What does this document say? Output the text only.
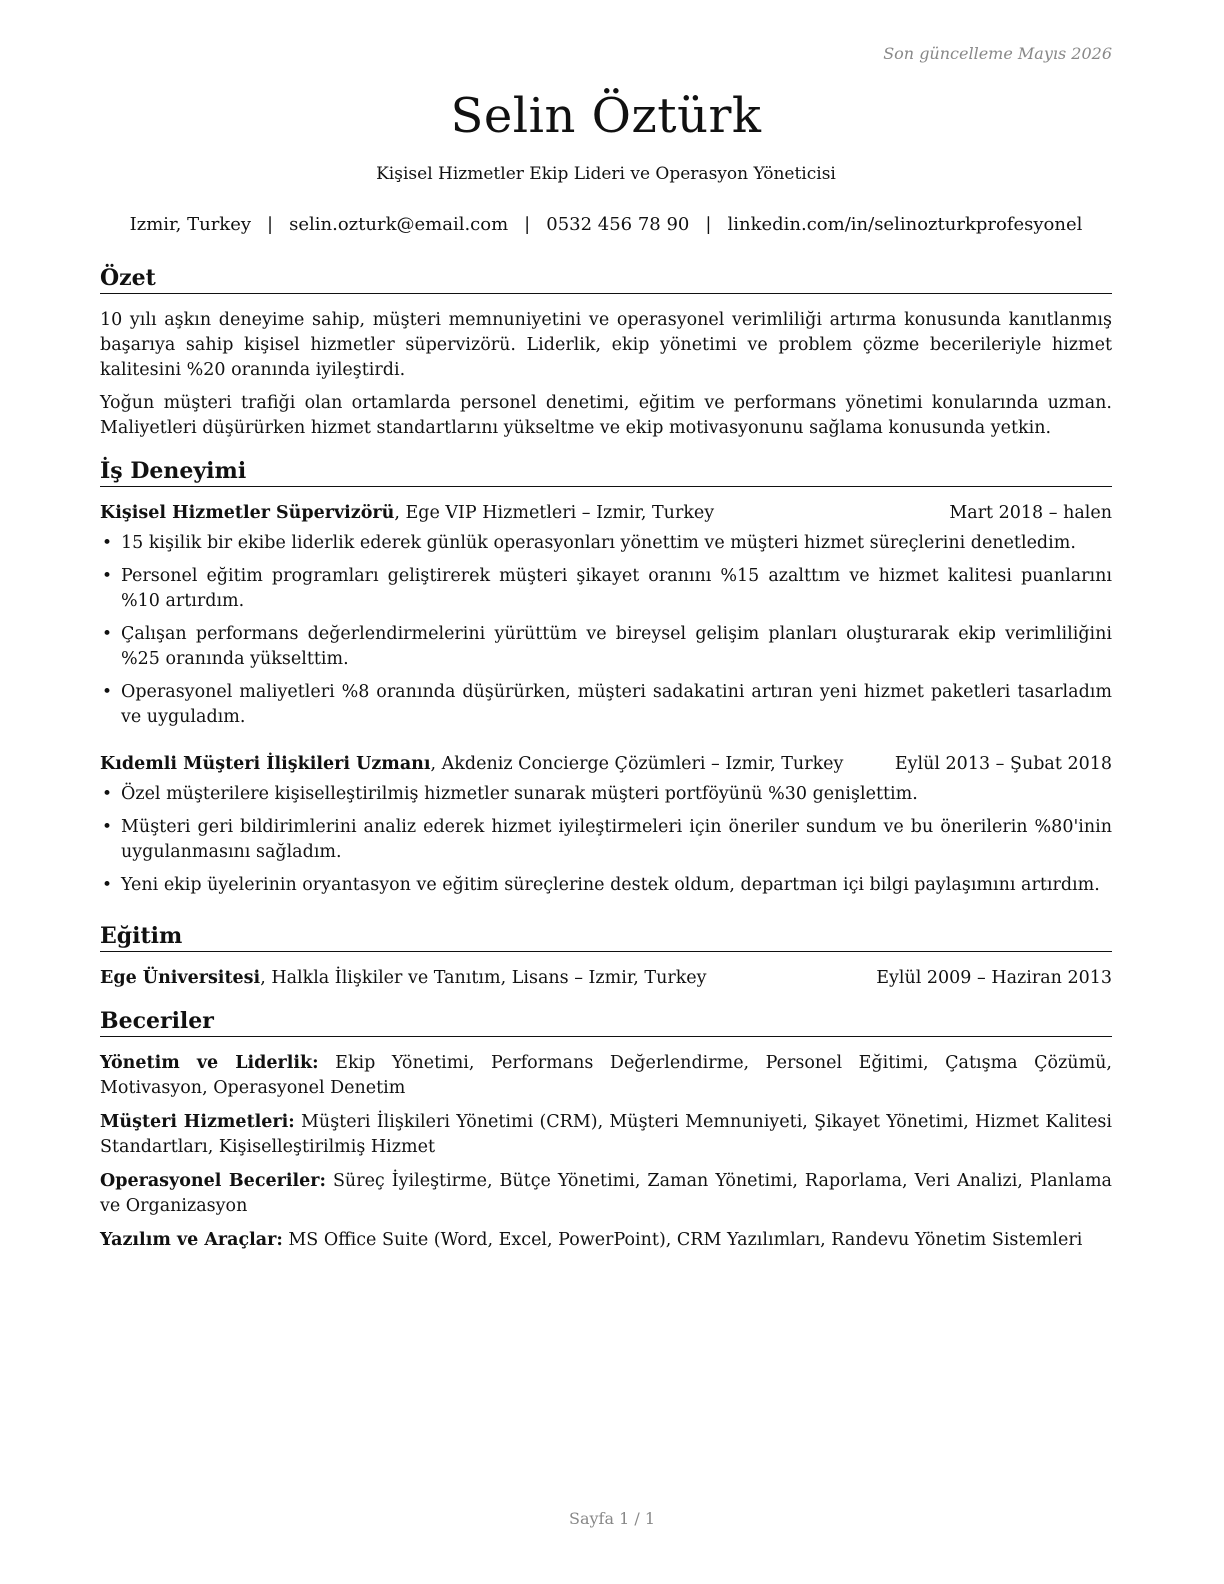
Son güncelleme Mayıs 2026
Selin Öztürk
Kişisel Hizmetler Ekip Lideri ve Operasyon Yöneticisi
Izmir, Turkey | selin.ozturk@email.com | 0532 456 78 90 | linkedin.com/in/selinozturkprofesyonel
Özet

10 yılı aşkın deneyime sahip, müşteri memnuniyetini ve operasyonel verimliliği artırma konusunda kanıtlanmış başarıya sahip kişisel hizmetler süpervizörü. Liderlik, ekip yönetimi ve problem çözme becerileriyle hizmet kalitesini %20 oranında iyileştirdi.

Yoğun müşteri trafiği olan ortamlarda personel denetimi, eğitim ve performans yönetimi konularında uzman. Maliyetleri düşürürken hizmet standartlarını yükseltme ve ekip motivasyonunu sağlama konusunda yetkin.

İş Deneyimi
Kişisel Hizmetler Süpervizörü, Ege VIP Hizmetleri – Izmir, Turkey	Mart 2018 – halen
• 15 kişilik bir ekibe liderlik ederek günlük operasyonları yönettim ve müşteri hizmet süreçlerini denetledim.
• Personel eğitim programları geliştirerek müşteri şikayet oranını %15 azalttım ve hizmet kalitesi puanlarını %10 artırdım.
• Çalışan performans değerlendirmelerini yürüttüm ve bireysel gelişim planları oluşturarak ekip verimliliğini %25 oranında yükselttim.
• Operasyonel maliyetleri %8 oranında düşürürken, müşteri sadakatini artıran yeni hizmet paketleri tasarladım ve uyguladım.
Kıdemli Müşteri İlişkileri Uzmanı, Akdeniz Concierge Çözümleri – Izmir, Turkey	Eylül 2013 – Şubat 2018
• Özel müşterilere kişiselleştirilmiş hizmetler sunarak müşteri portföyünü %30 genişlettim.
• Müşteri geri bildirimlerini analiz ederek hizmet iyileştirmeleri için öneriler sundum ve bu önerilerin %80'inin uygulanmasını sağladım.
• Yeni ekip üyelerinin oryantasyon ve eğitim süreçlerine destek oldum, departman içi bilgi paylaşımını artırdım.
Eğitim
Ege Üniversitesi, Halkla İlişkiler ve Tanıtım, Lisans – Izmir, Turkey	Eylül 2009 – Haziran 2013
Beceriler
Yönetim ve Liderlik: Ekip Yönetimi, Performans Değerlendirme, Personel Eğitimi, Çatışma Çözümü, Motivasyon, Operasyonel Denetim
Müşteri Hizmetleri: Müşteri İlişkileri Yönetimi (CRM), Müşteri Memnuniyeti, Şikayet Yönetimi, Hizmet Kalitesi Standartları, Kişiselleştirilmiş Hizmet
Operasyonel Beceriler: Süreç İyileştirme, Bütçe Yönetimi, Zaman Yönetimi, Raporlama, Veri Analizi, Planlama ve Organizasyon
Yazılım ve Araçlar: MS Office Suite (Word, Excel, PowerPoint), CRM Yazılımları, Randevu Yönetim Sistemleri
Sayfa 1 / 1
